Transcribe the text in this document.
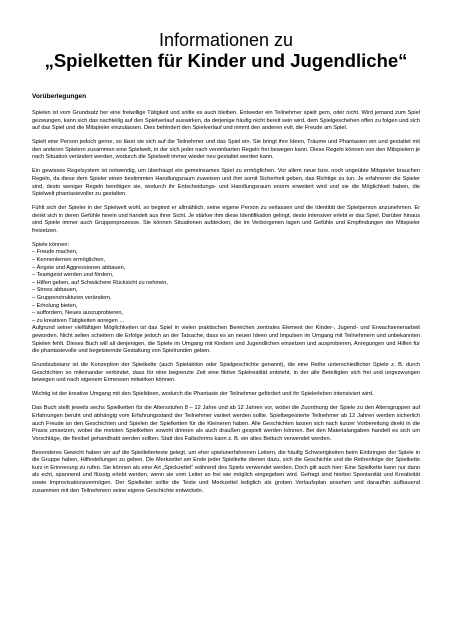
Informationen zu

„Spielketten für Kinder und Jugendliche“

Vorüberlegungen

Spielen ist vom Grundsatz her eine freiwillige Tätigkeit und sollte es auch bleiben. Entweder ein Teilnehmer spielt gern, oder nicht. Wird jemand zum Spiel gezwungen, kann sich das nachteilig auf den Spielverlauf auswirken, da derjenige häufig nicht bereit sein wird, dem Spielgeschehen offen zu folgen und sich auf das Spiel und die Mitspieler einzulassen. Dies behindert den Spielverlauf und nimmt den anderen evtl. die Freude am Spiel.

Spielt eine Person jedoch gerne, so lässt sie sich auf die Teilnehmer und das Spiel ein. Sie bringt ihre Ideen, Träume und Phantasien ein und gestaltet mit den anderen Spielern zusammen eine Spielwelt, in der sich jeder nach vereinbarten Regeln frei bewegen kann. Diese Regeln können von den Mitspielern je nach Situation verändert werden, wodurch die Spielwelt immer wieder neu gestaltet werden kann.

Ein gewisses Regelsystem ist notwendig, um überhaupt ein gemeinsames Spiel zu ermöglichen. Vor allem neue bzw. noch ungeübte Mitspieler brauchen Regeln, da diese dem Spieler einen bestimmten Handlungsraum zuweisen und ihm somit Sicherheit geben, das Richtige zu tun. Je erfahrener die Spieler sind, desto weniger Regeln benötigen sie, wodurch ihr Entscheidungs- und Handlungsraum enorm erweitert wird und sie die Möglichkeit haben, die Spielwelt phantasievoller zu gestalten.

Fühlt sich der Spieler in der Spielwelt wohl, so beginnt er allmählich, seine eigene Person zu verlassen und die Identität der Spielperson anzunehmen. Er denkt sich in deren Gefühle hinein und handelt aus ihrer Sicht. Je stärker ihm diese Identifikation gelingt, desto intensiver erlebt er das Spiel. Darüber hinaus sind Spiele immer auch Gruppenprozesse. Sie können Situationen aufdecken, die im Verborgenen lagen und Gefühle und Empfindungen der Mitspieler freisetzen.

Spiele können:
– Freude machen,
– Kennenlernen ermöglichen,
– Ängste und Aggressionen abbauen,
– Teamgeist werden und fördern,
– Hilfen geben, auf Schwächere Rücksicht zu nehmen,
– Stress abbauen,
– Gruppenstrukturen verändern,
– Erholung bieten,
– auffordern, Neues auszuprobieren,
– zu kreativen Tätigkeiten anregen …

Aufgrund seiner vielfältigen Möglichkeiten ist das Spiel in vielen praktischen Bereichen zentrales Element der Kinder-, Jugend- und Erwachsenenarbeit geworden. Nicht selten scheitern die Erfolge jedoch an der Tatsache, dass es an neuen Ideen und Impulsen im Umgang mit Teilnehmern und unbekannten Spielen fehlt. Dieses Buch will all denjenigen, die Spiele im Umgang mit Kindern und Jugendlichen einsetzen und ausprobieren, Anregungen und Hilfen für die phantasievolle und begeisternde Gestaltung von Spielrunden geben.

Grundsubstanz ist die Konzeption der Spielkette (auch Spielaktion oder Spielgeschichte genannt), die eine Reihe unterschiedlicher Spiele z. B. durch Geschichten so miteinander verbindet, dass für eine begrenzte Zeit eine fiktive Spielrealität entsteht, in der alle Beteiligten sich frei und ungezwungen bewegen und nach eigenem Ermessen mitwirken können.

Wichtig ist der kreative Umgang mit den Spielideen, wodurch die Phantasie der Teilnehmer gefördert und ihr Spielerleben intensiviert wird.

Das Buch stellt jeweils sechs Spielketten für die Altersstufen 8 – 12 Jahre und ab 12 Jahren vor, wobei die Zuordnung der Spiele zu den Altersgruppen auf Erfahrungen beruht und abhängig vom Erfahrungsstand der Teilnehmer variiert werden sollte. Spielbegeisterte Teilnehmer ab 12 Jahren werden sicherlich auch Freude an den Geschichten und Spielen der Spielketten für die Kleineren haben. Alle Geschichten lassen sich nach kurzer Vorbereitung direkt in die Praxis umsetzen, wobei die meisten Spielketten sowohl drinnen als auch draußen gespielt werden können. Bei den Materialangaben handelt es sich um Vorschläge, die flexibel gehandhabt werden sollten. Statt des Fallschirms kann z. B. ein altes Bettuch verwendet werden.

Besonderes Gewicht haben wir auf die Spielleitertexte gelegt, um eher spielunerfahrenen Leitern, die häufig Schwierigkeiten beim Einbringen der Spiele in die Gruppe haben, Hilfestellungen zu geben. Die Merkzettel am Ende jeder Spielkette dienen dazu, sich die Geschichte und die Reihenfolge der Spielkette kurz in Erinnerung zu rufen. Sie können als eine Art „Spickzettel“ während des Spiels verwendet werden. Doch gilt auch hier: Eine Spielkette kann nur dann als echt, spannend und flüssig erlebt werden, wenn sie vom Leiter so frei wie möglich eingegeben wird. Gefragt sind hierbei Spontanität und Kreativität sowie Improvisationsvermögen. Der Spielleiter sollte die Texte und Merkzettel lediglich als groben Verlaufsplan ansehen und daraufhin aufbauend zusammen mit den Teilnehmern seine eigene Geschichte entwickeln.
